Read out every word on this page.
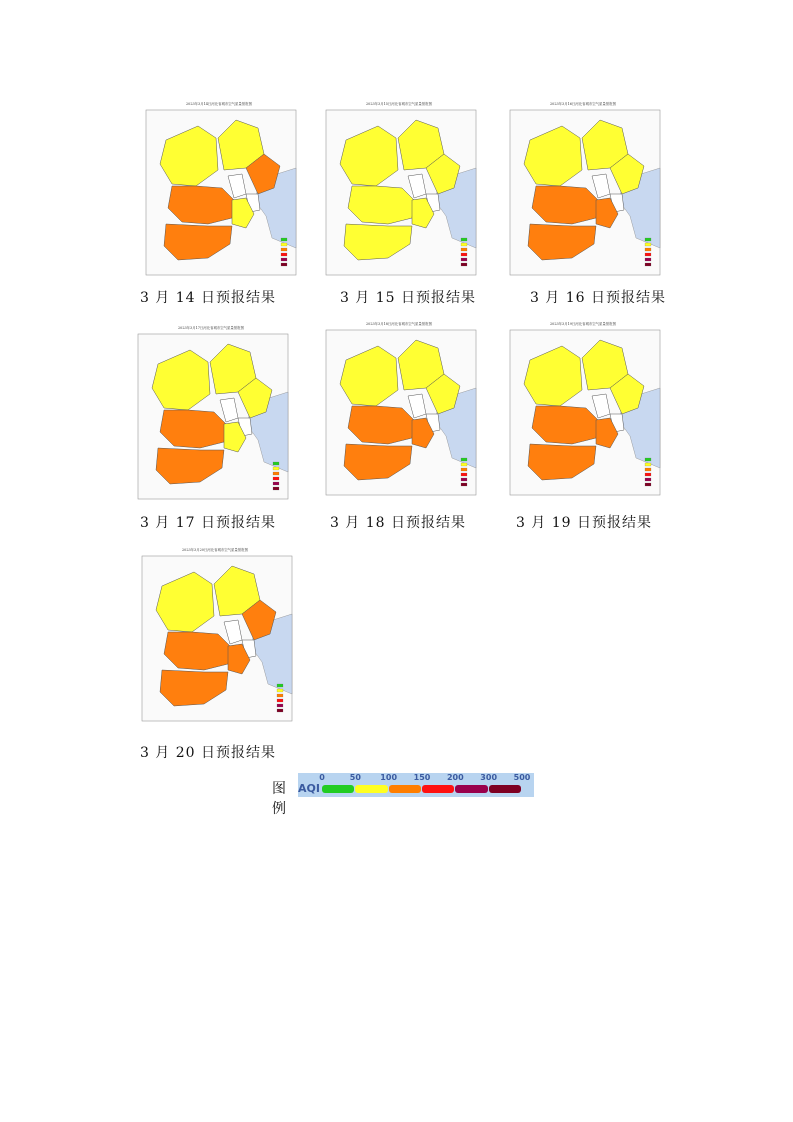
2023年3月14日河北省城市空气质量预报图	2023年3月15日河北省城市空气质量预报图	2023年3月16日河北省城市空气质量预报图
2023年3月17日河北省城市空气质量预报图
2023年3月18日河北省城市空气质量预报图	2023年3月19日河北省城市空气质量预报图
2023年3月20日河北省城市空气质量预报图
3 月 14 日预报结果	3 月 15 日预报结果	3 月 16 日预报结果
3 月 17 日预报结果	3 月 18 日预报结果	3 月 19 日预报结果
3 月 20 日预报结果
图例
AQI
0	50 100 150 200 300 500
